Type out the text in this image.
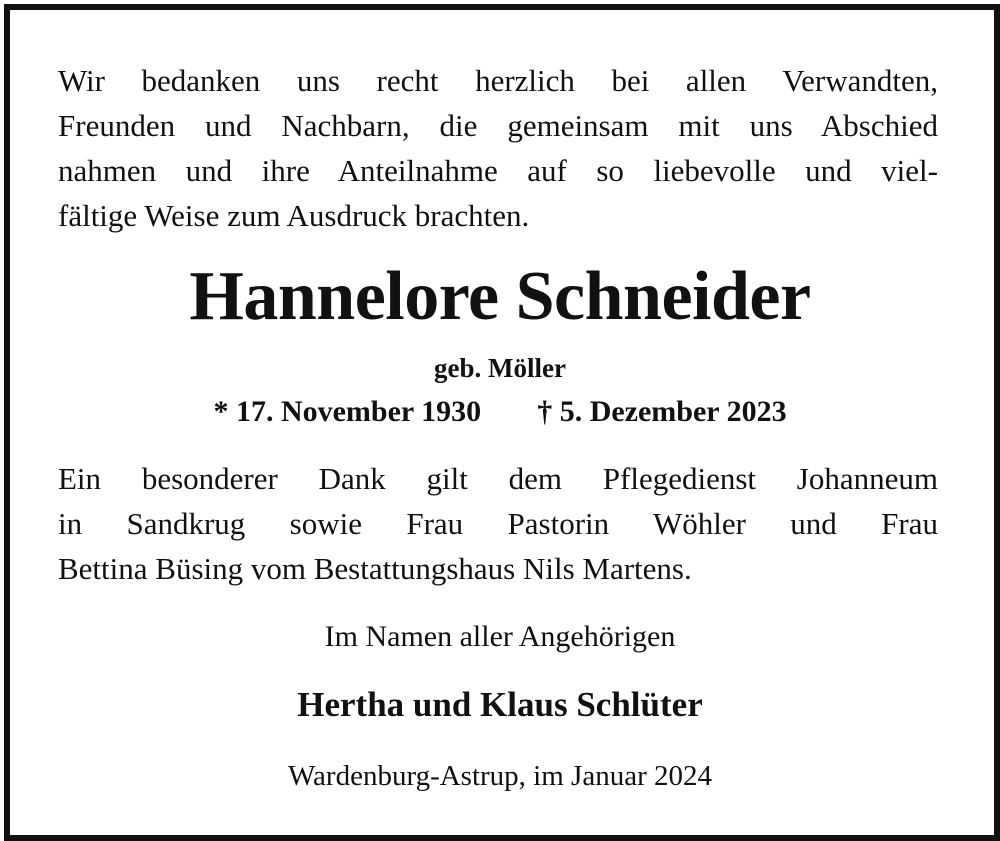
Wir bedanken uns recht herzlich bei allen Verwandten,
Freunden und Nachbarn, die gemeinsam mit uns Abschied
nahmen und ihre Anteilnahme auf so liebevolle und viel-
fältige Weise zum Ausdruck brachten.

Hannelore Schneider

geb. Möller

* 17. November 1930 † 5. Dezember 2023

Ein besonderer Dank gilt dem Pflegedienst Johanneum
in Sandkrug sowie Frau Pastorin Wöhler und Frau
Bettina Büsing vom Bestattungshaus Nils Martens.

Im Namen aller Angehörigen

Hertha und Klaus Schlüter

Wardenburg-Astrup, im Januar 2024
